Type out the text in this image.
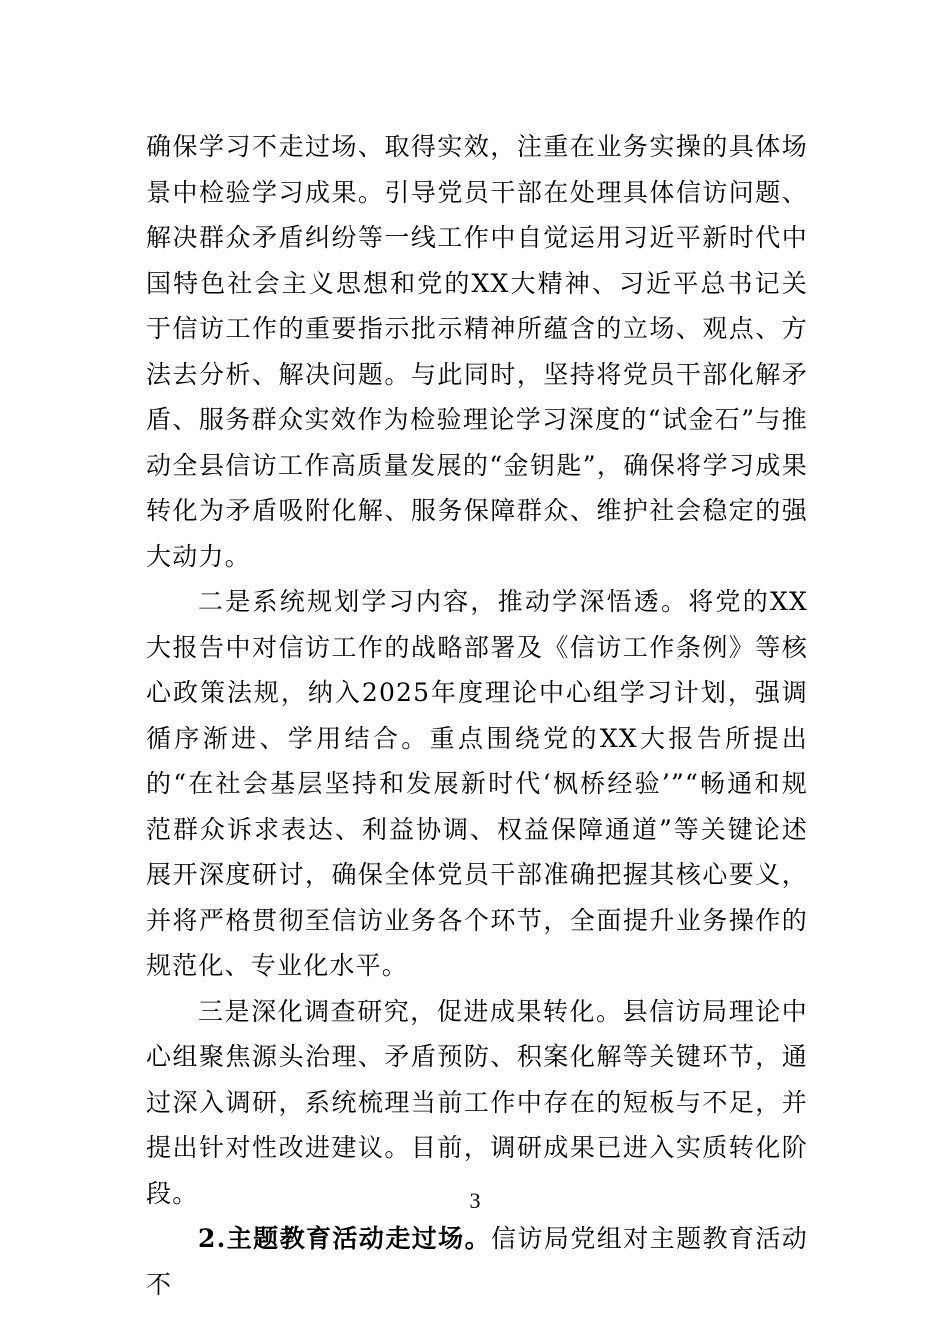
确保学习不走过场、取得实效，注重在业务实操的具体场景中检验学习成果。引导党员干部在处理具体信访问题、解决群众矛盾纠纷等一线工作中自觉运用习近平新时代中国特色社会主义思想和党的XX大精神、习近平总书记关于信访工作的重要指示批示精神所蕴含的立场、观点、方法去分析、解决问题。与此同时，坚持将党员干部化解矛盾、服务群众实效作为检验理论学习深度的“试金石”与推动全县信访工作高质量发展的“金钥匙”，确保将学习成果转化为矛盾吸附化解、服务保障群众、维护社会稳定的强大动力。

二是系统规划学习内容，推动学深悟透。将党的XX大报告中对信访工作的战略部署及《信访工作条例》等核心政策法规，纳入2025年度理论中心组学习计划，强调循序渐进、学用结合。重点围绕党的XX大报告所提出的“在社会基层坚持和发展新时代‘枫桥经验’”“畅通和规范群众诉求表达、利益协调、权益保障通道”等关键论述展开深度研讨，确保全体党员干部准确把握其核心要义，并将严格贯彻至信访业务各个环节，全面提升业务操作的规范化、专业化水平。

三是深化调查研究，促进成果转化。县信访局理论中心组聚焦源头治理、矛盾预防、积案化解等关键环节，通过深入调研，系统梳理当前工作中存在的短板与不足，并提出针对性改进建议。目前，调研成果已进入实质转化阶段。

2.主题教育活动走过场。信访局党组对主题教育活动不

3
